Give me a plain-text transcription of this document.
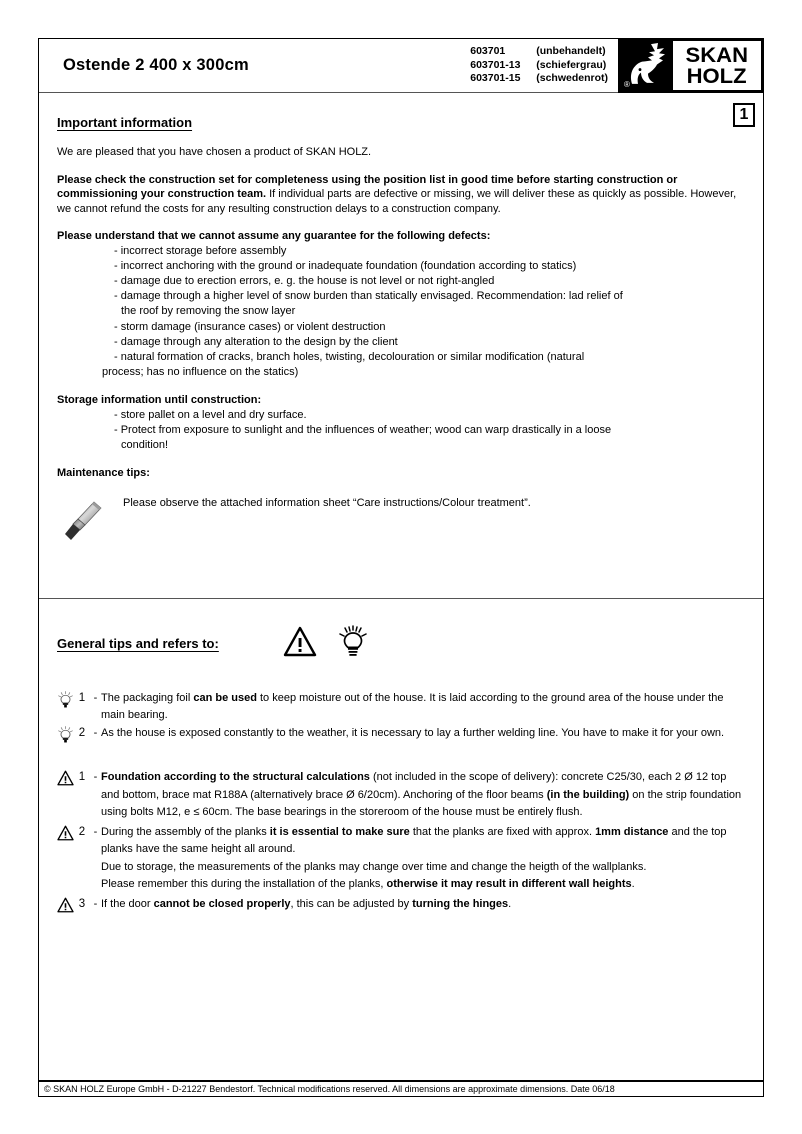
Ostende 2 400 x 300cm
603701	(unbehandelt)
603701-13	(schiefergrau)
603701-15	(schwedenrot)
®
SKAN
HOLZ
1
Important information

We are pleased that you have chosen a product of SKAN HOLZ.

Please check the construction set for completeness using the position list in good time before starting construction or commissioning your construction team. If individual parts are defective or missing, we will deliver these as quickly as possible. However, we cannot refund the costs for any resulting construction delays to a construction company.

Please understand that we cannot assume any guarantee for the following defects:

- incorrect storage before assembly
- incorrect anchoring with the ground or inadequate foundation (foundation according to statics)
- damage due to erection errors, e. g. the house is not level or not right-angled
- damage through a higher level of snow burden than statically envisaged. Recommendation: lad relief of
the roof by removing the snow layer
- storm damage (insurance cases) or violent destruction
- damage through any alteration to the design by the client
- natural formation of cracks, branch holes, twisting, decolouration or similar modification (natural
process; has no influence on the statics)

Storage information until construction:

- store pallet on a level and dry surface.
- Protect from exposure to sunlight and the influences of weather; wood can warp drastically in a loose
condition!

Maintenance tips:

Please observe the attached information sheet “Care instructions/Colour treatment”.
General tips and refers to:
1 - The packaging foil can be used to keep moisture out of the house. It is laid according to the ground area of the house under the main bearing.
2 - As the house is exposed constantly to the weather, it is necessary to lay a further welding line. You have to make it for your own.
1 - Foundation according to the structural calculations (not included in the scope of delivery): concrete C25/30, each 2 Ø 12 top and bottom, brace mat R188A (alternatively brace Ø 6/20cm). Anchoring of the floor beams (in the building) on the strip foundation using bolts M12, e ≤ 60cm. The base bearings in the storeroom of the house must be entirely flush.
2 - During the assembly of the planks it is essential to make sure that the planks are fixed with approx. 1mm distance and the top planks have the same height all around.
Due to storage, the measurements of the planks may change over time and change the heigth of the wallplanks.
Please remember this during the installation of the planks, otherwise it may result in different wall heights.
3 - If the door cannot be closed properly, this can be adjusted by turning the hinges.
© SKAN HOLZ Europe GmbH - D-21227 Bendestorf. Technical modifications reserved. All dimensions are approximate dimensions. Date 06/18
